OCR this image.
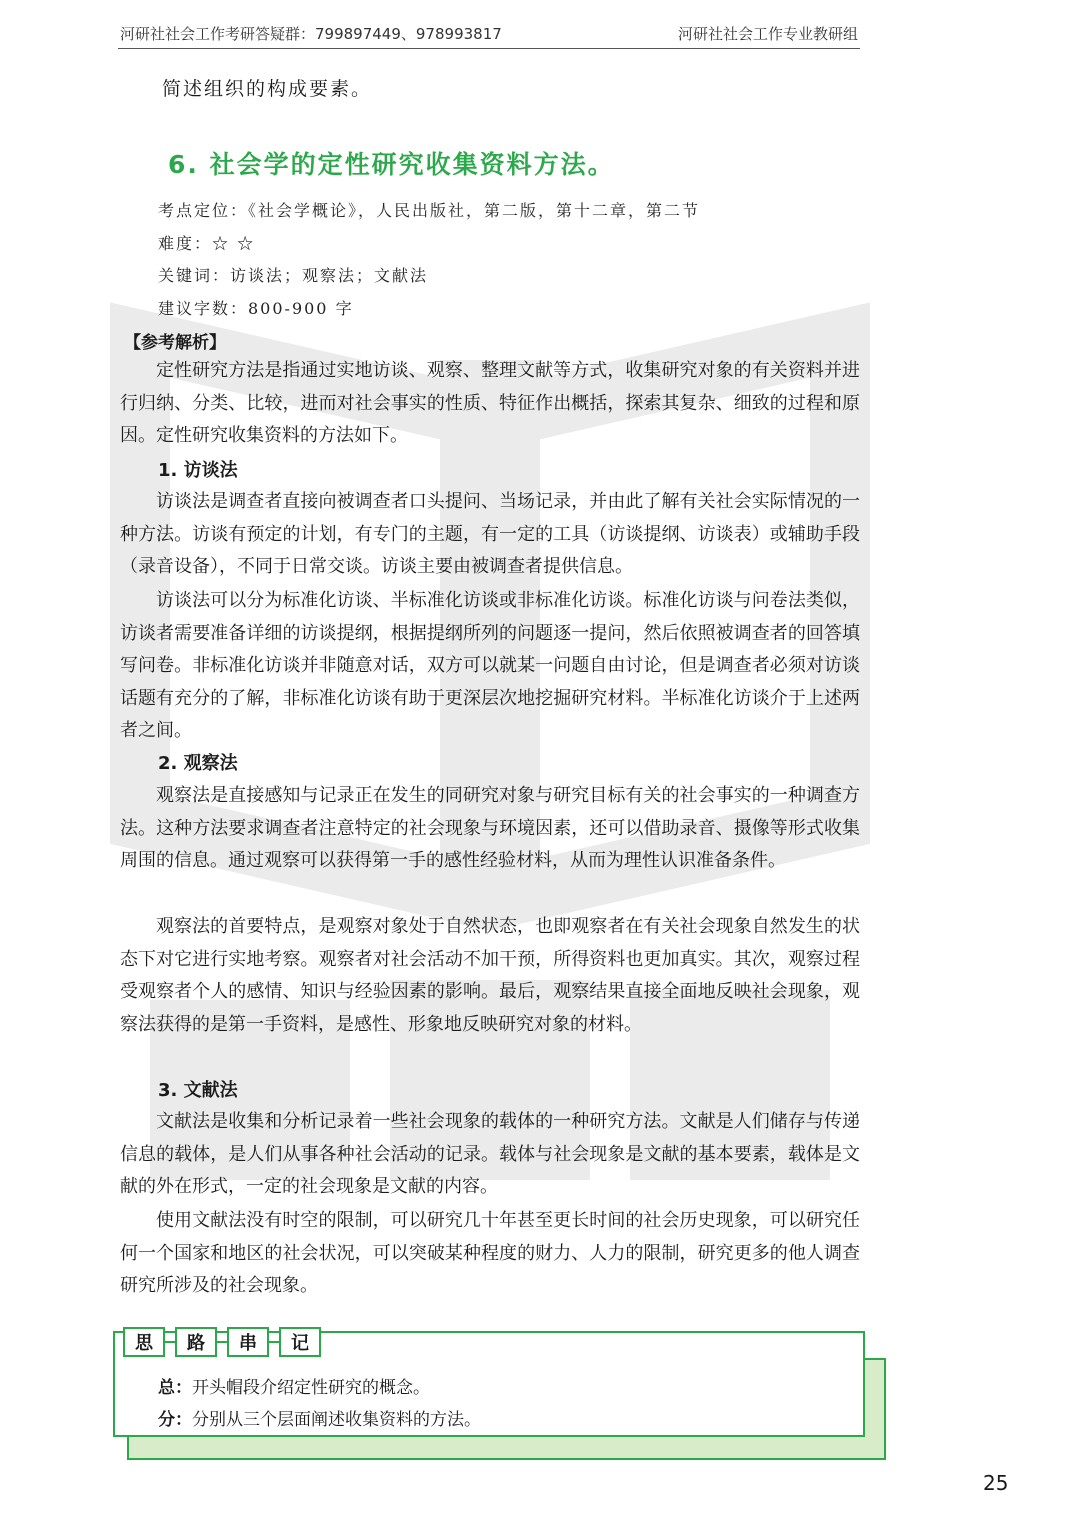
河研社社会工作考研答疑群：799897449、978993817	河研社社会工作专业教研组
简述组织的构成要素。
6. 社会学的定性研究收集资料方法。
考点定位：《社会学概论》，人民出版社，第二版，第十二章，第二节
难度：☆ ☆
关键词：访谈法；观察法；文献法
建议字数：800-900 字
【参考解析】

定性研究方法是指通过实地访谈、观察、整理文献等方式，收集研究对象的有关资料并进行归纳、分类、比较，进而对社会事实的性质、特征作出概括，探索其复杂、细致的过程和原因。定性研究收集资料的方法如下。

1. 访谈法

访谈法是调查者直接向被调查者口头提问、当场记录，并由此了解有关社会实际情况的一种方法。访谈有预定的计划，有专门的主题，有一定的工具（访谈提纲、访谈表）或辅助手段（录音设备），不同于日常交谈。访谈主要由被调查者提供信息。

访谈法可以分为标准化访谈、半标准化访谈或非标准化访谈。标准化访谈与问卷法类似，访谈者需要准备详细的访谈提纲，根据提纲所列的问题逐一提问，然后依照被调查者的回答填写问卷。非标准化访谈并非随意对话，双方可以就某一问题自由讨论，但是调查者必须对访谈话题有充分的了解，非标准化访谈有助于更深层次地挖掘研究材料。半标准化访谈介于上述两者之间。

2. 观察法

观察法是直接感知与记录正在发生的同研究对象与研究目标有关的社会事实的一种调查方法。这种方法要求调查者注意特定的社会现象与环境因素，还可以借助录音、摄像等形式收集周围的信息。通过观察可以获得第一手的感性经验材料，从而为理性认识准备条件。

观察法的首要特点，是观察对象处于自然状态，也即观察者在有关社会现象自然发生的状态下对它进行实地考察。观察者对社会活动不加干预，所得资料也更加真实。其次，观察过程受观察者个人的感情、知识与经验因素的影响。最后，观察结果直接全面地反映社会现象，观察法获得的是第一手资料，是感性、形象地反映研究对象的材料。

3. 文献法

文献法是收集和分析记录着一些社会现象的载体的一种研究方法。文献是人们储存与传递信息的载体，是人们从事各种社会活动的记录。载体与社会现象是文献的基本要素，载体是文献的外在形式，一定的社会现象是文献的内容。

使用文献法没有时空的限制，可以研究几十年甚至更长时间的社会历史现象，可以研究任何一个国家和地区的社会状况，可以突破某种程度的财力、人力的限制，研究更多的他人调查研究所涉及的社会现象。

思	路	串	记
总：开头帽段介绍定性研究的概念。
分：分别从三个层面阐述收集资料的方法。
25
